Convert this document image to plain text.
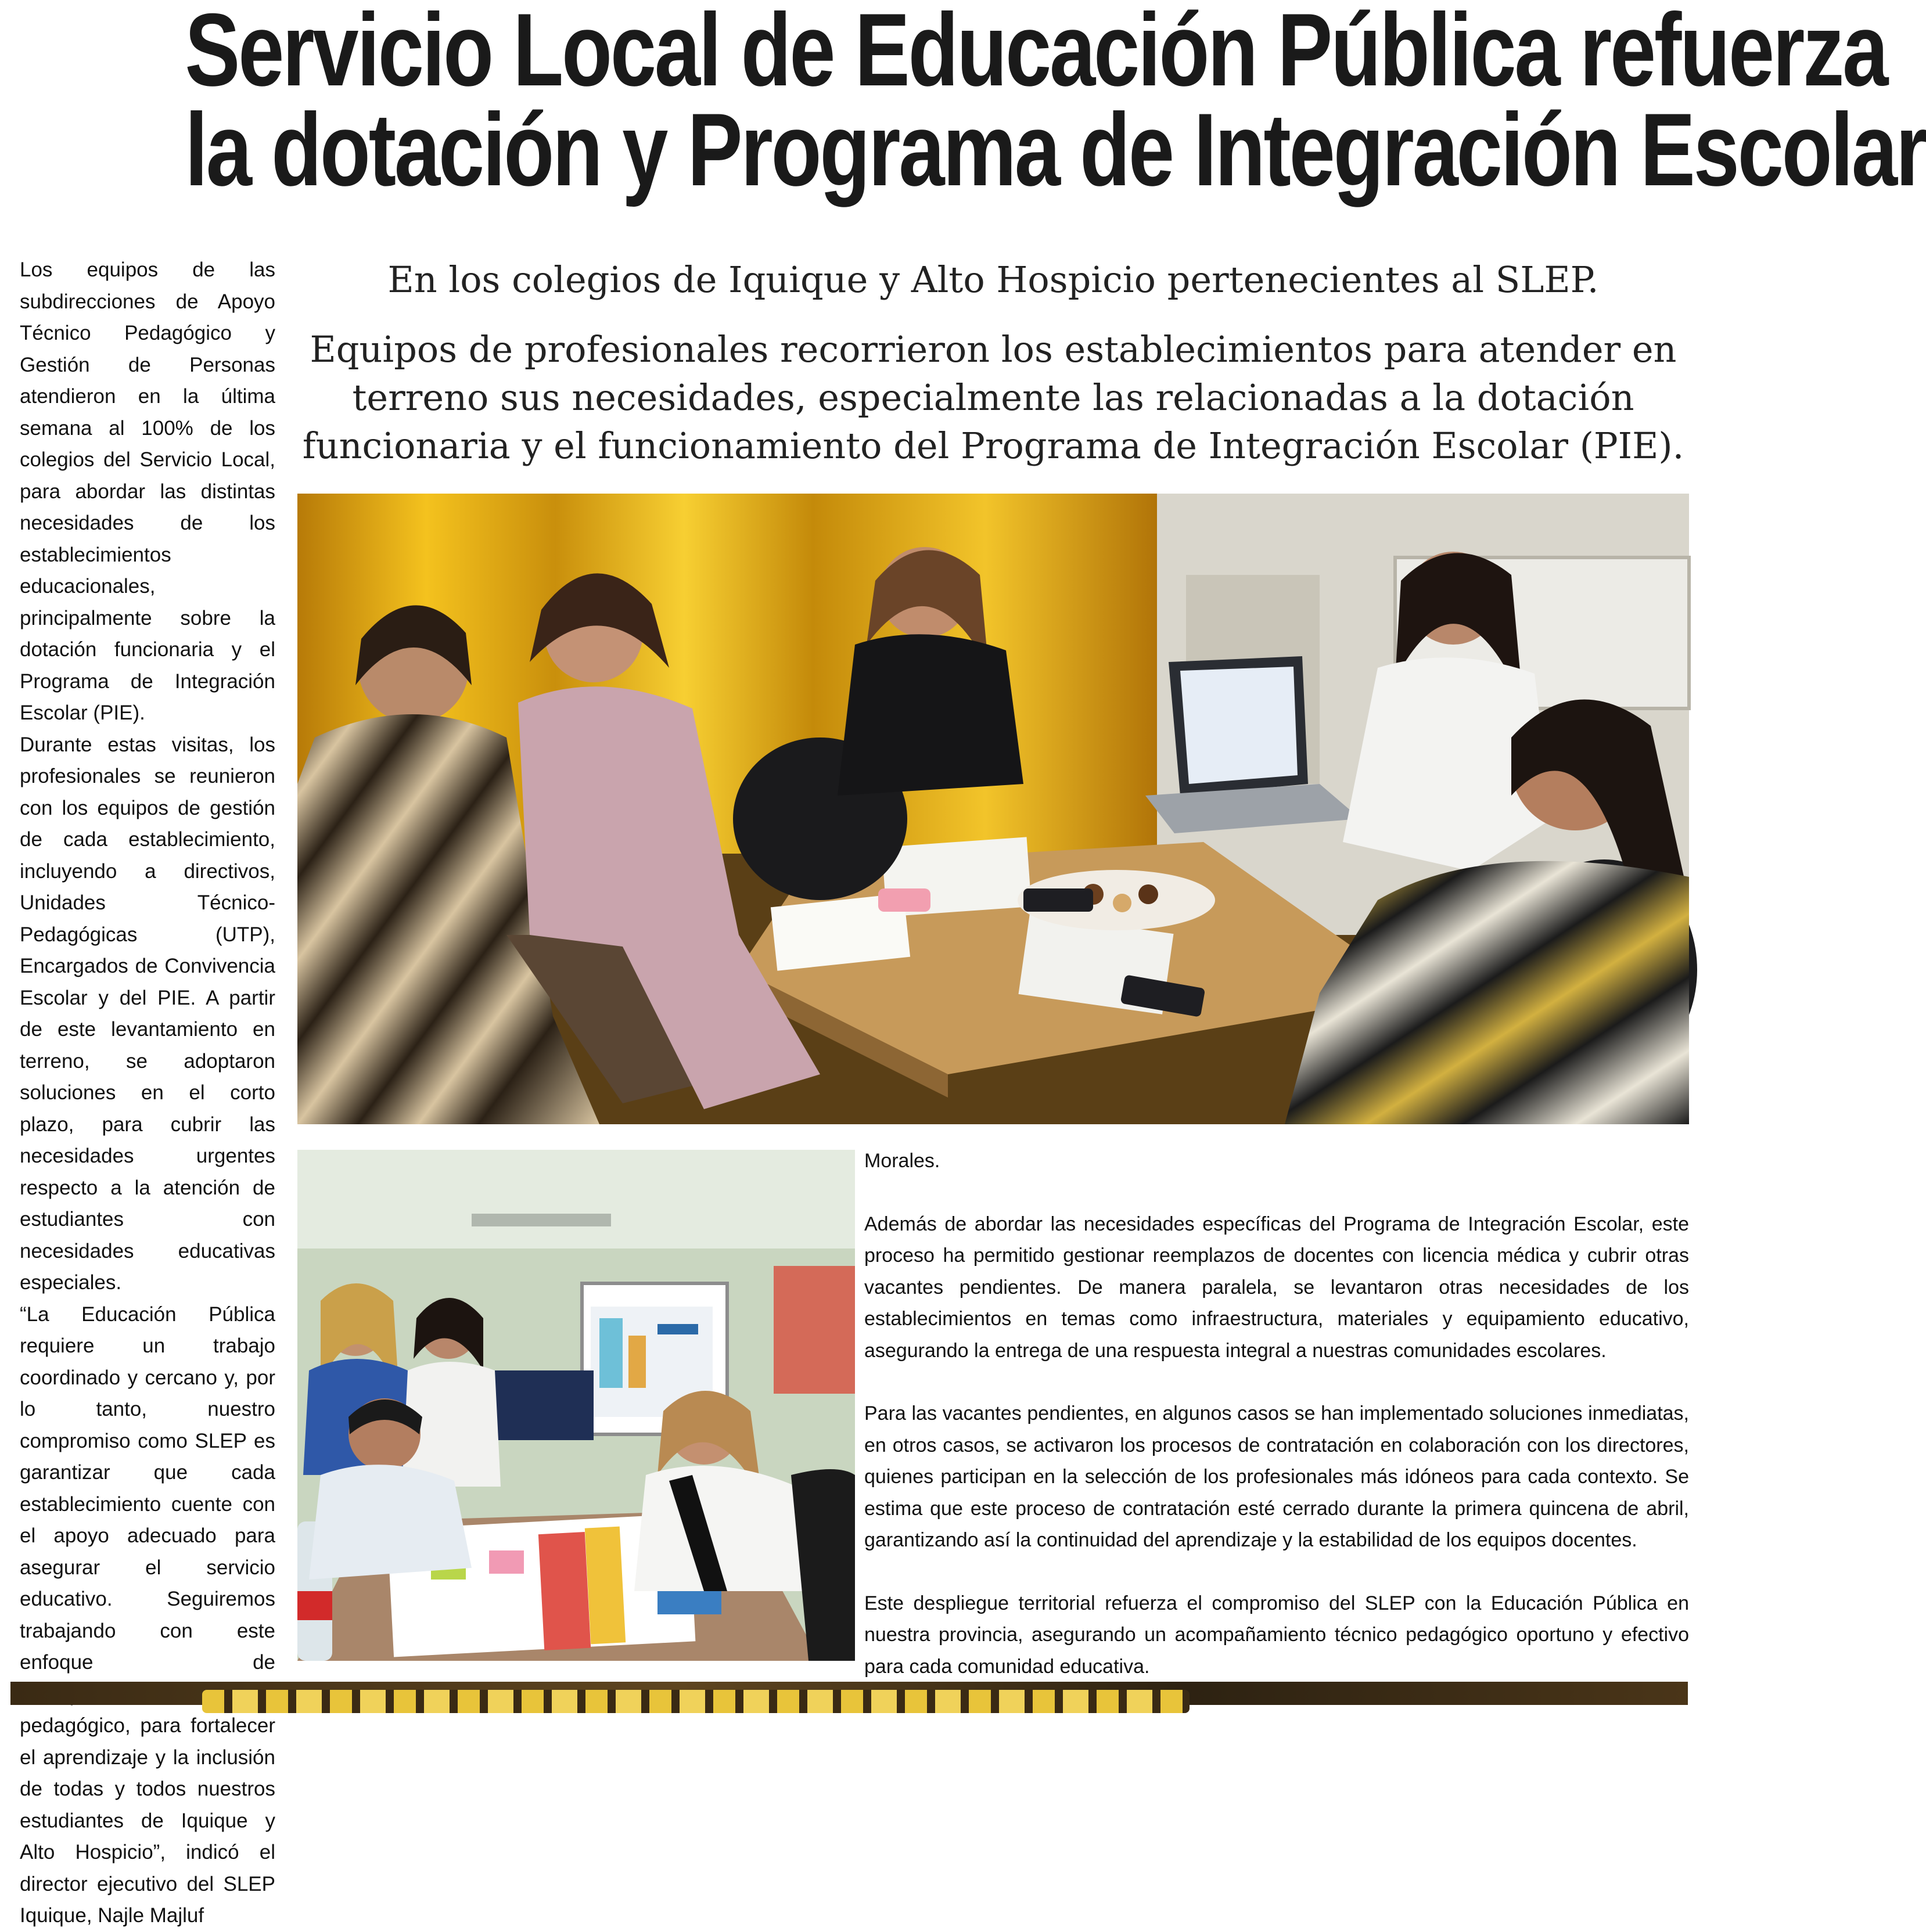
Servicio Local de Educación Pública refuerza
la dotación y Programa de Integración Escolar

Los equipos de las subdirecciones de Apoyo Técnico Pedagógico y Gestión de Personas atendieron en la última semana al 100% de los colegios del Servicio Local, para abordar las distintas necesidades de los establecimientos educacionales, principalmente sobre la dotación funcionaria y el Programa de Integración Escolar (PIE).

Durante estas visitas, los profesionales se reunieron con los equipos de gestión de cada establecimiento, incluyendo a directivos, Unidades Técnico-Pedagógicas (UTP), Encargados de Convivencia Escolar y del PIE. A partir de este levantamiento en terreno, se adoptaron soluciones en el corto plazo, para cubrir las necesidades urgentes respecto a la atención de estudiantes con necesidades educativas especiales.

“La Educación Pública requiere un trabajo coordinado y cercano y, por lo tanto, nuestro compromiso como SLEP es garantizar que cada establecimiento cuente con el apoyo adecuado para asegurar el servicio educativo. Seguiremos trabajando con este enfoque de pedagógico, para fortalecer el aprendizaje y la inclusión de todas y todos nuestros estudiantes de Iquique y Alto Hospicio”, indicó el director ejecutivo del SLEP Iquique, Najle Majluf

En los colegios de Iquique y Alto Hospicio pertenecientes al SLEP.

Equipos de profesionales recorrieron los establecimientos para atender en terreno sus necesidades, especialmente las relacionadas a la dotación funcionaria y el funcionamiento del Programa de Integración Escolar (PIE).

Morales.

Además de abordar las necesidades específicas del Programa de Integración Escolar, este proceso ha permitido gestionar reemplazos de docentes con licencia médica y cubrir otras vacantes pendientes. De manera paralela, se levantaron otras necesidades de los establecimientos en temas como infraestructura, materiales y equipamiento educativo, asegurando la entrega de una respuesta integral a nuestras comunidades escolares.

Para las vacantes pendientes, en algunos casos se han implementado soluciones inmediatas, en otros casos, se activaron los procesos de contratación en colaboración con los directores, quienes participan en la selección de los profesionales más idóneos para cada contexto. Se estima que este proceso de contratación esté cerrado durante la primera quincena de abril, garantizando así la continuidad del aprendizaje y la estabilidad de los equipos docentes.

Este despliegue territorial refuerza el compromiso del SLEP con la Educación Pública en nuestra provincia, asegurando un acompañamiento técnico pedagógico oportuno y efectivo para cada comunidad educativa.
